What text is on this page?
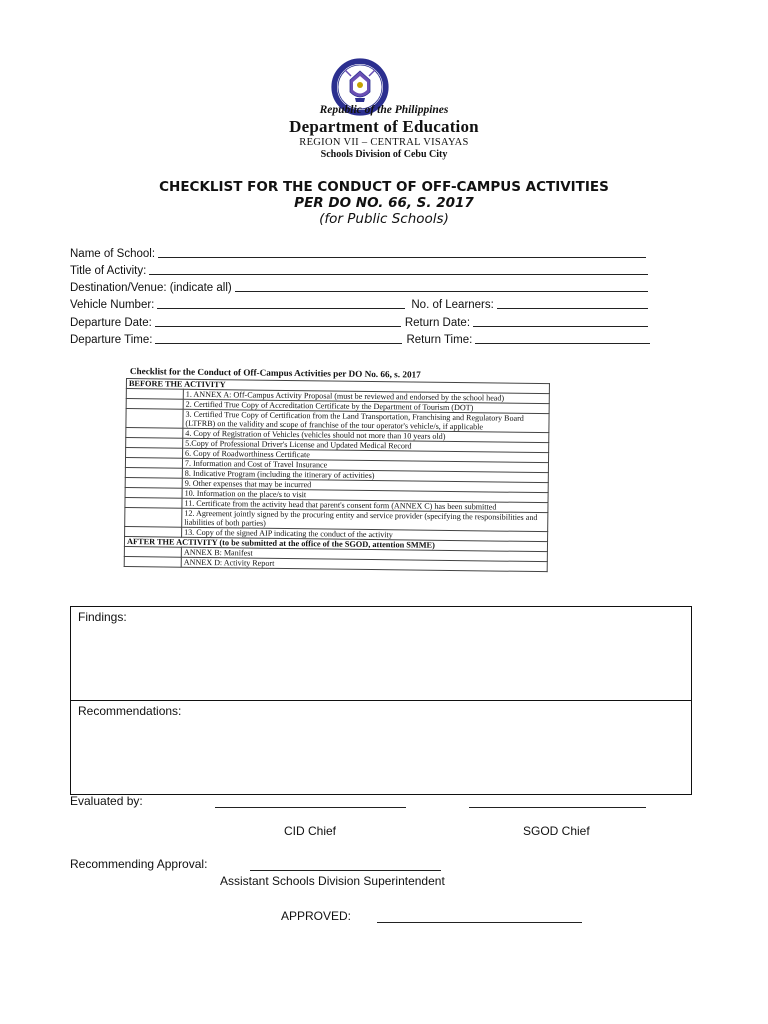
Republic of the Philippines
Department of Education
REGION VII – CENTRAL VISAYAS
Schools Division of Cebu City
CHECKLIST FOR THE CONDUCT OF OFF-CAMPUS ACTIVITIES
PER DO NO. 66, S. 2017
(for Public Schools)
Name of School:
Title of Activity:
Destination/Venue: (indicate all)
Vehicle Number:	No. of Learners:
Departure Date:	Return Date:
Departure Time:	Return Time:
Checklist for the Conduct of Off-Campus Activities per DO No. 66, s. 2017
BEFORE THE ACTIVITY	
	1. ANNEX A: Off-Campus Activity Proposal (must be reviewed and endorsed by the school head)
	2. Certified True Copy of Accreditation Certificate by the Department of Tourism (DOT)
	3. Certified True Copy of Certification from the Land Transportation, Franchising and Regulatory Board (LTFRB) on the validity and scope of franchise of the tour operator's vehicle/s, if applicable
	4. Copy of Registration of Vehicles (vehicles should not more than 10 years old)
	5.Copy of Professional Driver's License and Updated Medical Record
	6. Copy of Roadworthiness Certificate
	7. Information and Cost of Travel Insurance
	8. Indicative Program (including the itinerary of activities)
	9. Other expenses that may be incurred
	10. Information on the place/s to visit
	11. Certificate from the activity head that parent's consent form (ANNEX C) has been submitted
	12. Agreement jointly signed by the procuring entity and service provider (specifying the responsibilities and liabilities of both parties)
	13. Copy of the signed AIP indicating the conduct of the activity
AFTER THE ACTIVITY (to be submitted at the office of the SGOD, attention SMME)	
	ANNEX B: Manifest
	ANNEX D: Activity Report
Findings:
Recommendations:
Evaluated by:
CID Chief	SGOD Chief
Recommending Approval:
Assistant Schools Division Superintendent
APPROVED:
